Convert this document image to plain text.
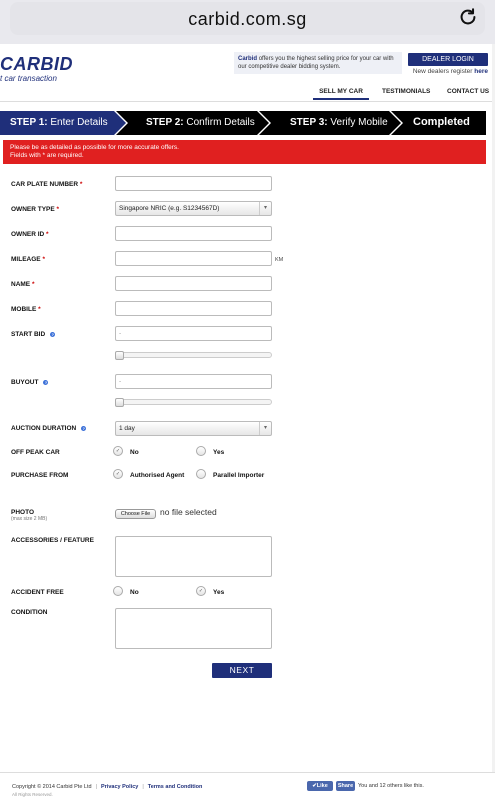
carbid.com.sg
CARBID
t car transaction
Carbid offers you the highest selling price for your car with our competitive dealer bidding system.
DEALER LOGIN
New dealers register here
SELL MY CAR	TESTIMONIALS	CONTACT US
STEP 1: Enter Details	STEP 2: Confirm Details	STEP 3: Verify Mobile Completed
Please be as detailed as possible for more accurate offers.
Fields with * are required.
CAR PLATE NUMBER *
OWNER TYPE *	Singapore NRIC (e.g. S1234567D)	▾
OWNER ID *
MILEAGE *	KM
NAME *
MOBILE *
START BID ?	-
BUYOUT ?	-
AUCTION DURATION ?	1 day	▾
OFF PEAK CAR	✓	No	Yes
PURCHASE FROM	✓	Authorised Agent	Parallel Importer
PHOTO
(max size 2 MB)
Choose File	no file selected
ACCESSORIES / FEATURE
ACCIDENT FREE	No	✓	Yes
CONDITION
NEXT
Copyright © 2014 Carbid Pte Ltd | Privacy Policy | Terms and Condition
All Rights Reserved.
✔Like	Share You and 12 others like this.
